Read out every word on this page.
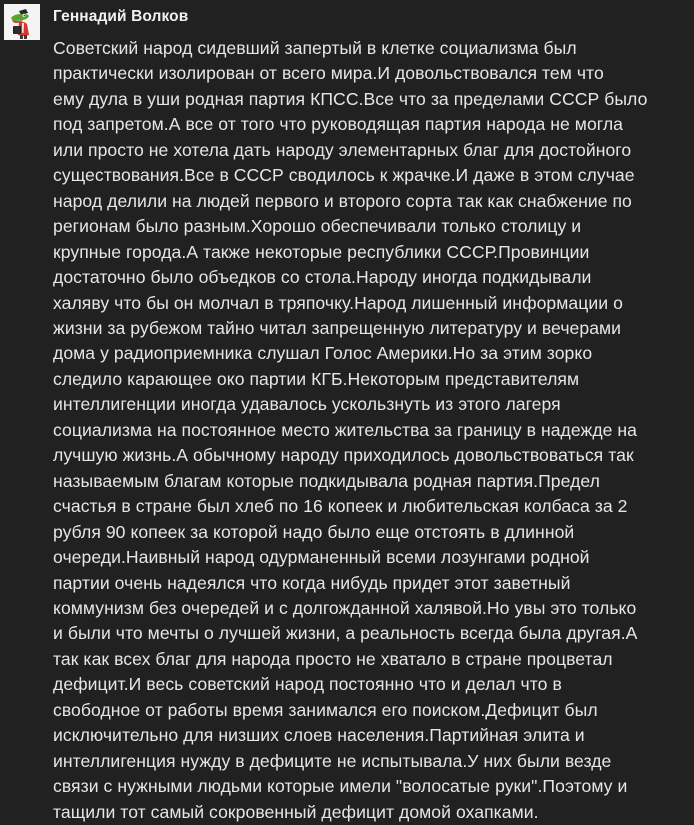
Геннадий Волков
Советский народ сидевший запертый в клетке социализма был
практически изолирован от всего мира.И довольствовался тем что
ему дула в уши родная партия КПСС.Все что за пределами СССР было
под запретом.А все от того что руководящая партия народа не могла
или просто не хотела дать народу элементарных благ для достойного
существования.Все в СССР сводилось к жрачке.И даже в этом случае
народ делили на людей первого и второго сорта так как снабжение по
регионам было разным.Хорошо обеспечивали только столицу и
крупные города.А также некоторые республики СССР.Провинции
достаточно было объедков со стола.Народу иногда подкидывали
халяву что бы он молчал в тряпочку.Народ лишенный информации о
жизни за рубежом тайно читал запрещенную литературу и вечерами
дома у радиоприемника слушал Голос Америки.Но за этим зорко
следило карающее око партии КГБ.Некоторым представителям
интеллигенции иногда удавалось ускользнуть из этого лагеря
социализма на постоянное место жительства за границу в надежде на
лучшую жизнь.А обычному народу приходилось довольствоваться так
называемым благам которые подкидывала родная партия.Предел
счастья в стране был хлеб по 16 копеек и любительская колбаса за 2
рубля 90 копеек за которой надо было еще отстоять в длинной
очереди.Наивный народ одурманенный всеми лозунгами родной
партии очень надеялся что когда нибудь придет этот заветный
коммунизм без очередей и с долгожданной халявой.Но увы это только
и были что мечты о лучшей жизни, а реальность всегда была другая.А
так как всех благ для народа просто не хватало в стране процветал
дефицит.И весь советский народ постоянно что и делал что в
свободное от работы время занимался его поиском.Дефицит был
исключительно для низших слоев населения.Партийная элита и
интеллигенция нужду в дефиците не испытывала.У них были везде
связи с нужными людьми которые имели "волосатые руки".Поэтому и
тащили тот самый сокровенный дефицит домой охапками.
